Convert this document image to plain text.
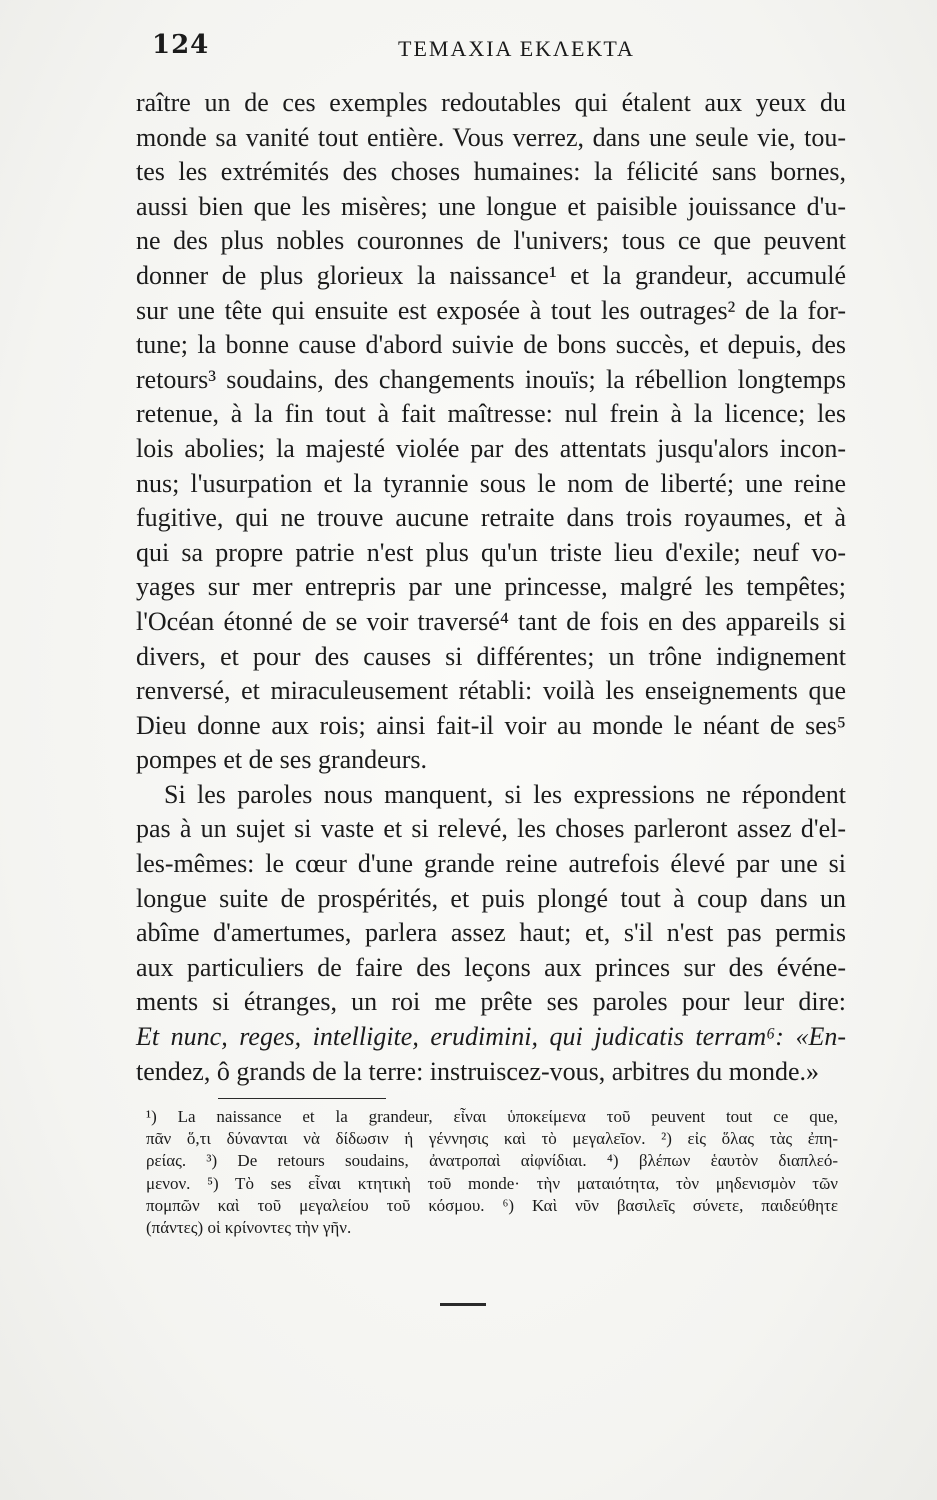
124	ΤΕΜΑΧΙΑ ΕΚΛΕΚΤΑ
raître un de ces exemples redoutables qui étalent aux yeux du
monde sa vanité tout entière. Vous verrez, dans une seule vie, tou-
tes les extrémités des choses humaines: la félicité sans bornes,
aussi bien que les misères; une longue et paisible jouissance d'u-
ne des plus nobles couronnes de l'univers; tous ce que peuvent
donner de plus glorieux la naissance¹ et la grandeur, accumulé
sur une tête qui ensuite est exposée à tout les outrages² de la for-
tune; la bonne cause d'abord suivie de bons succès, et depuis, des
retours³ soudains, des changements inouïs; la rébellion longtemps
retenue, à la fin tout à fait maîtresse: nul frein à la licence; les
lois abolies; la majesté violée par des attentats jusqu'alors incon-
nus; l'usurpation et la tyrannie sous le nom de liberté; une reine
fugitive, qui ne trouve aucune retraite dans trois royaumes, et à
qui sa propre patrie n'est plus qu'un triste lieu d'exile; neuf vo-
yages sur mer entrepris par une princesse, malgré les tempêtes;
l'Océan étonné de se voir traversé⁴ tant de fois en des appareils si
divers, et pour des causes si différentes; un trône indignement
renversé, et miraculeusement rétabli: voilà les enseignements que
Dieu donne aux rois; ainsi fait-il voir au monde le néant de ses⁵
pompes et de ses grandeurs.
Si les paroles nous manquent, si les expressions ne répondent
pas à un sujet si vaste et si relevé, les choses parleront assez d'el-
les-mêmes: le cœur d'une grande reine autrefois élevé par une si
longue suite de prospérités, et puis plongé tout à coup dans un
abîme d'amertumes, parlera assez haut; et, s'il n'est pas permis
aux particuliers de faire des leçons aux princes sur des événe-
ments si étranges, un roi me prête ses paroles pour leur dire:
Et nunc, reges, intelligite, erudimini, qui judicatis terram⁶: «En-
tendez, ô grands de la terre: instruiscez-vous, arbitres du monde.»
¹) La naissance et la grandeur, εἶναι ὑποκείμενα τοῦ peuvent tout ce que,
πᾶν ὅ,τι δύνανται νὰ δίδωσιν ἡ γέννησις καὶ τὸ μεγαλεῖον. ²) εἰς ὅλας τὰς ἐπη-
ρείας. ³) De retours soudains, ἀνατροπαὶ αἰφνίδιαι. ⁴) βλέπων ἑαυτὸν διαπλεό-
μενον. ⁵) Τὸ ses εἶναι κτητικὴ τοῦ monde· τὴν ματαιότητα, τὸν μηδενισμὸν τῶν
πομπῶν καὶ τοῦ μεγαλείου τοῦ κόσμου. ⁶) Καὶ νῦν βασιλεῖς σύνετε, παιδεύθητε
(πάντες) οἱ κρίνοντες τὴν γῆν.
